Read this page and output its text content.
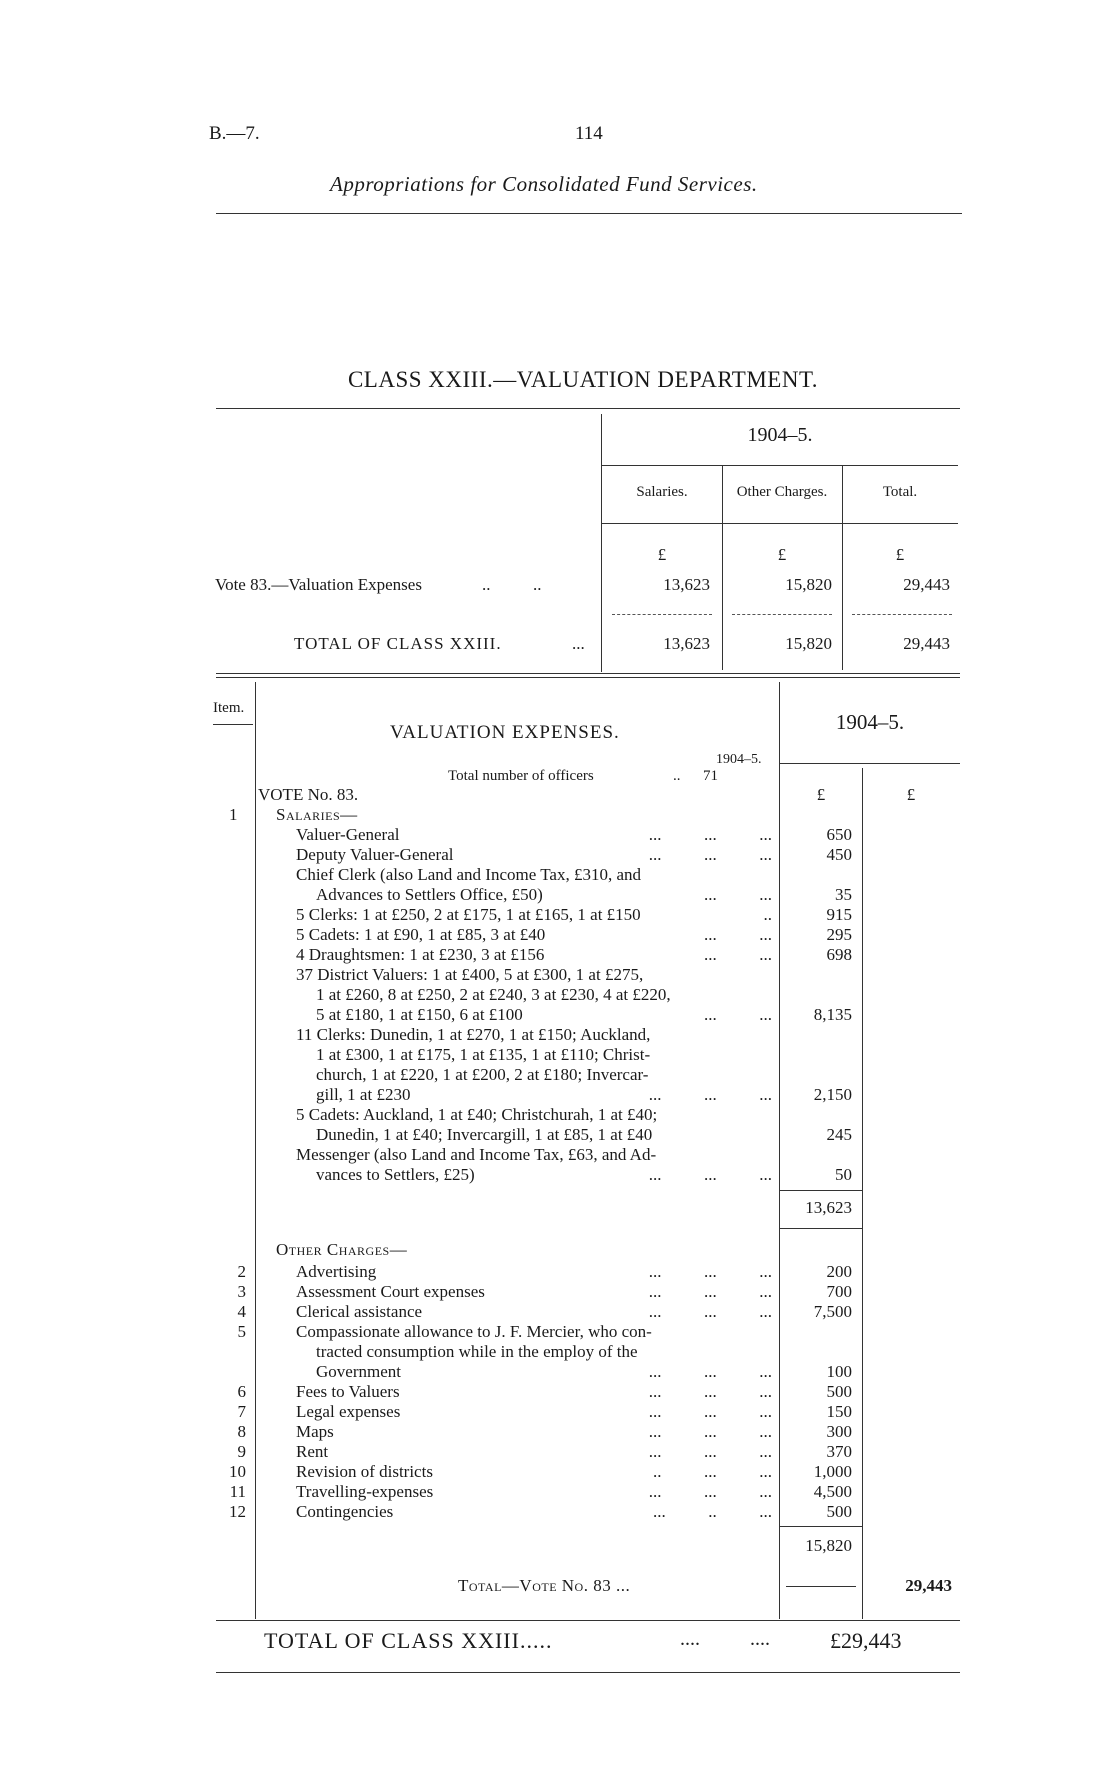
B.—7.	114
Appropriations for Consolidated Fund Services.
CLASS XXIII.—VALUATION DEPARTMENT.
1904–5.
Salaries.	Other Charges.	Total.
£	£	£
Vote 83.—Valuation Expenses	..          ..	13,623	15,820	29,443
TOTAL OF CLASS XXIII.	...	13,623	15,820	29,443
Item.
VALUATION EXPENSES.	1904–5.
1904–5.
Total number of officers	.. 71
VOTE No. 83.	£	£
1 Salaries—
Valuer-General	...          ...          ...	650
Deputy Valuer-General	...          ...          ...	450
Chief Clerk (also Land and Income Tax, £310, and
Advances to Settlers Office, £50)	...          ...	35
5 Clerks: 1 at £250, 2 at £175, 1 at £165, 1 at £150	..	915
5 Cadets: 1 at £90, 1 at £85, 3 at £40	...          ...	295
4 Draughtsmen: 1 at £230, 3 at £156	...          ...	698
37 District Valuers: 1 at £400, 5 at £300, 1 at £275,
1 at £260, 8 at £250, 2 at £240, 3 at £230, 4 at £220,
5 at £180, 1 at £150, 6 at £100	...          ...	8,135
11 Clerks: Dunedin, 1 at £270, 1 at £150; Auckland,
1 at £300, 1 at £175, 1 at £135, 1 at £110; Christ-
church, 1 at £220, 1 at £200, 2 at £180; Invercar-
gill, 1 at £230	...          ...          ...	2,150
5 Cadets: Auckland, 1 at £40; Christchurah, 1 at £40;
Dunedin, 1 at £40; Invercargill, 1 at £85, 1 at £40	245
Messenger (also Land and Income Tax, £63, and Ad-
vances to Settlers, £25)	...          ...          ...	50
13,623
Other Charges—
2	Advertising	...          ...          ...	200
3	Assessment Court expenses	...          ...          ...	700
4	Clerical assistance	...          ...          ...	7,500
5	Compassionate allowance to J. F. Mercier, who con-
tracted consumption while in the employ of the
Government	...          ...          ...	100
6	Fees to Valuers	...          ...          ...	500
7	Legal expenses	...          ...          ...	150
8	Maps	...          ...          ...	300
9	Rent	...          ...          ...	370
10	Revision of districts	..          ...          ...	1,000
11	Travelling-expenses	...          ...          ...	4,500
12	Contingencies	...          ..          ...	500
15,820
Total—Vote No. 83 ...	29,443
TOTAL OF CLASS XXIII.....	....          ....	£29,443
